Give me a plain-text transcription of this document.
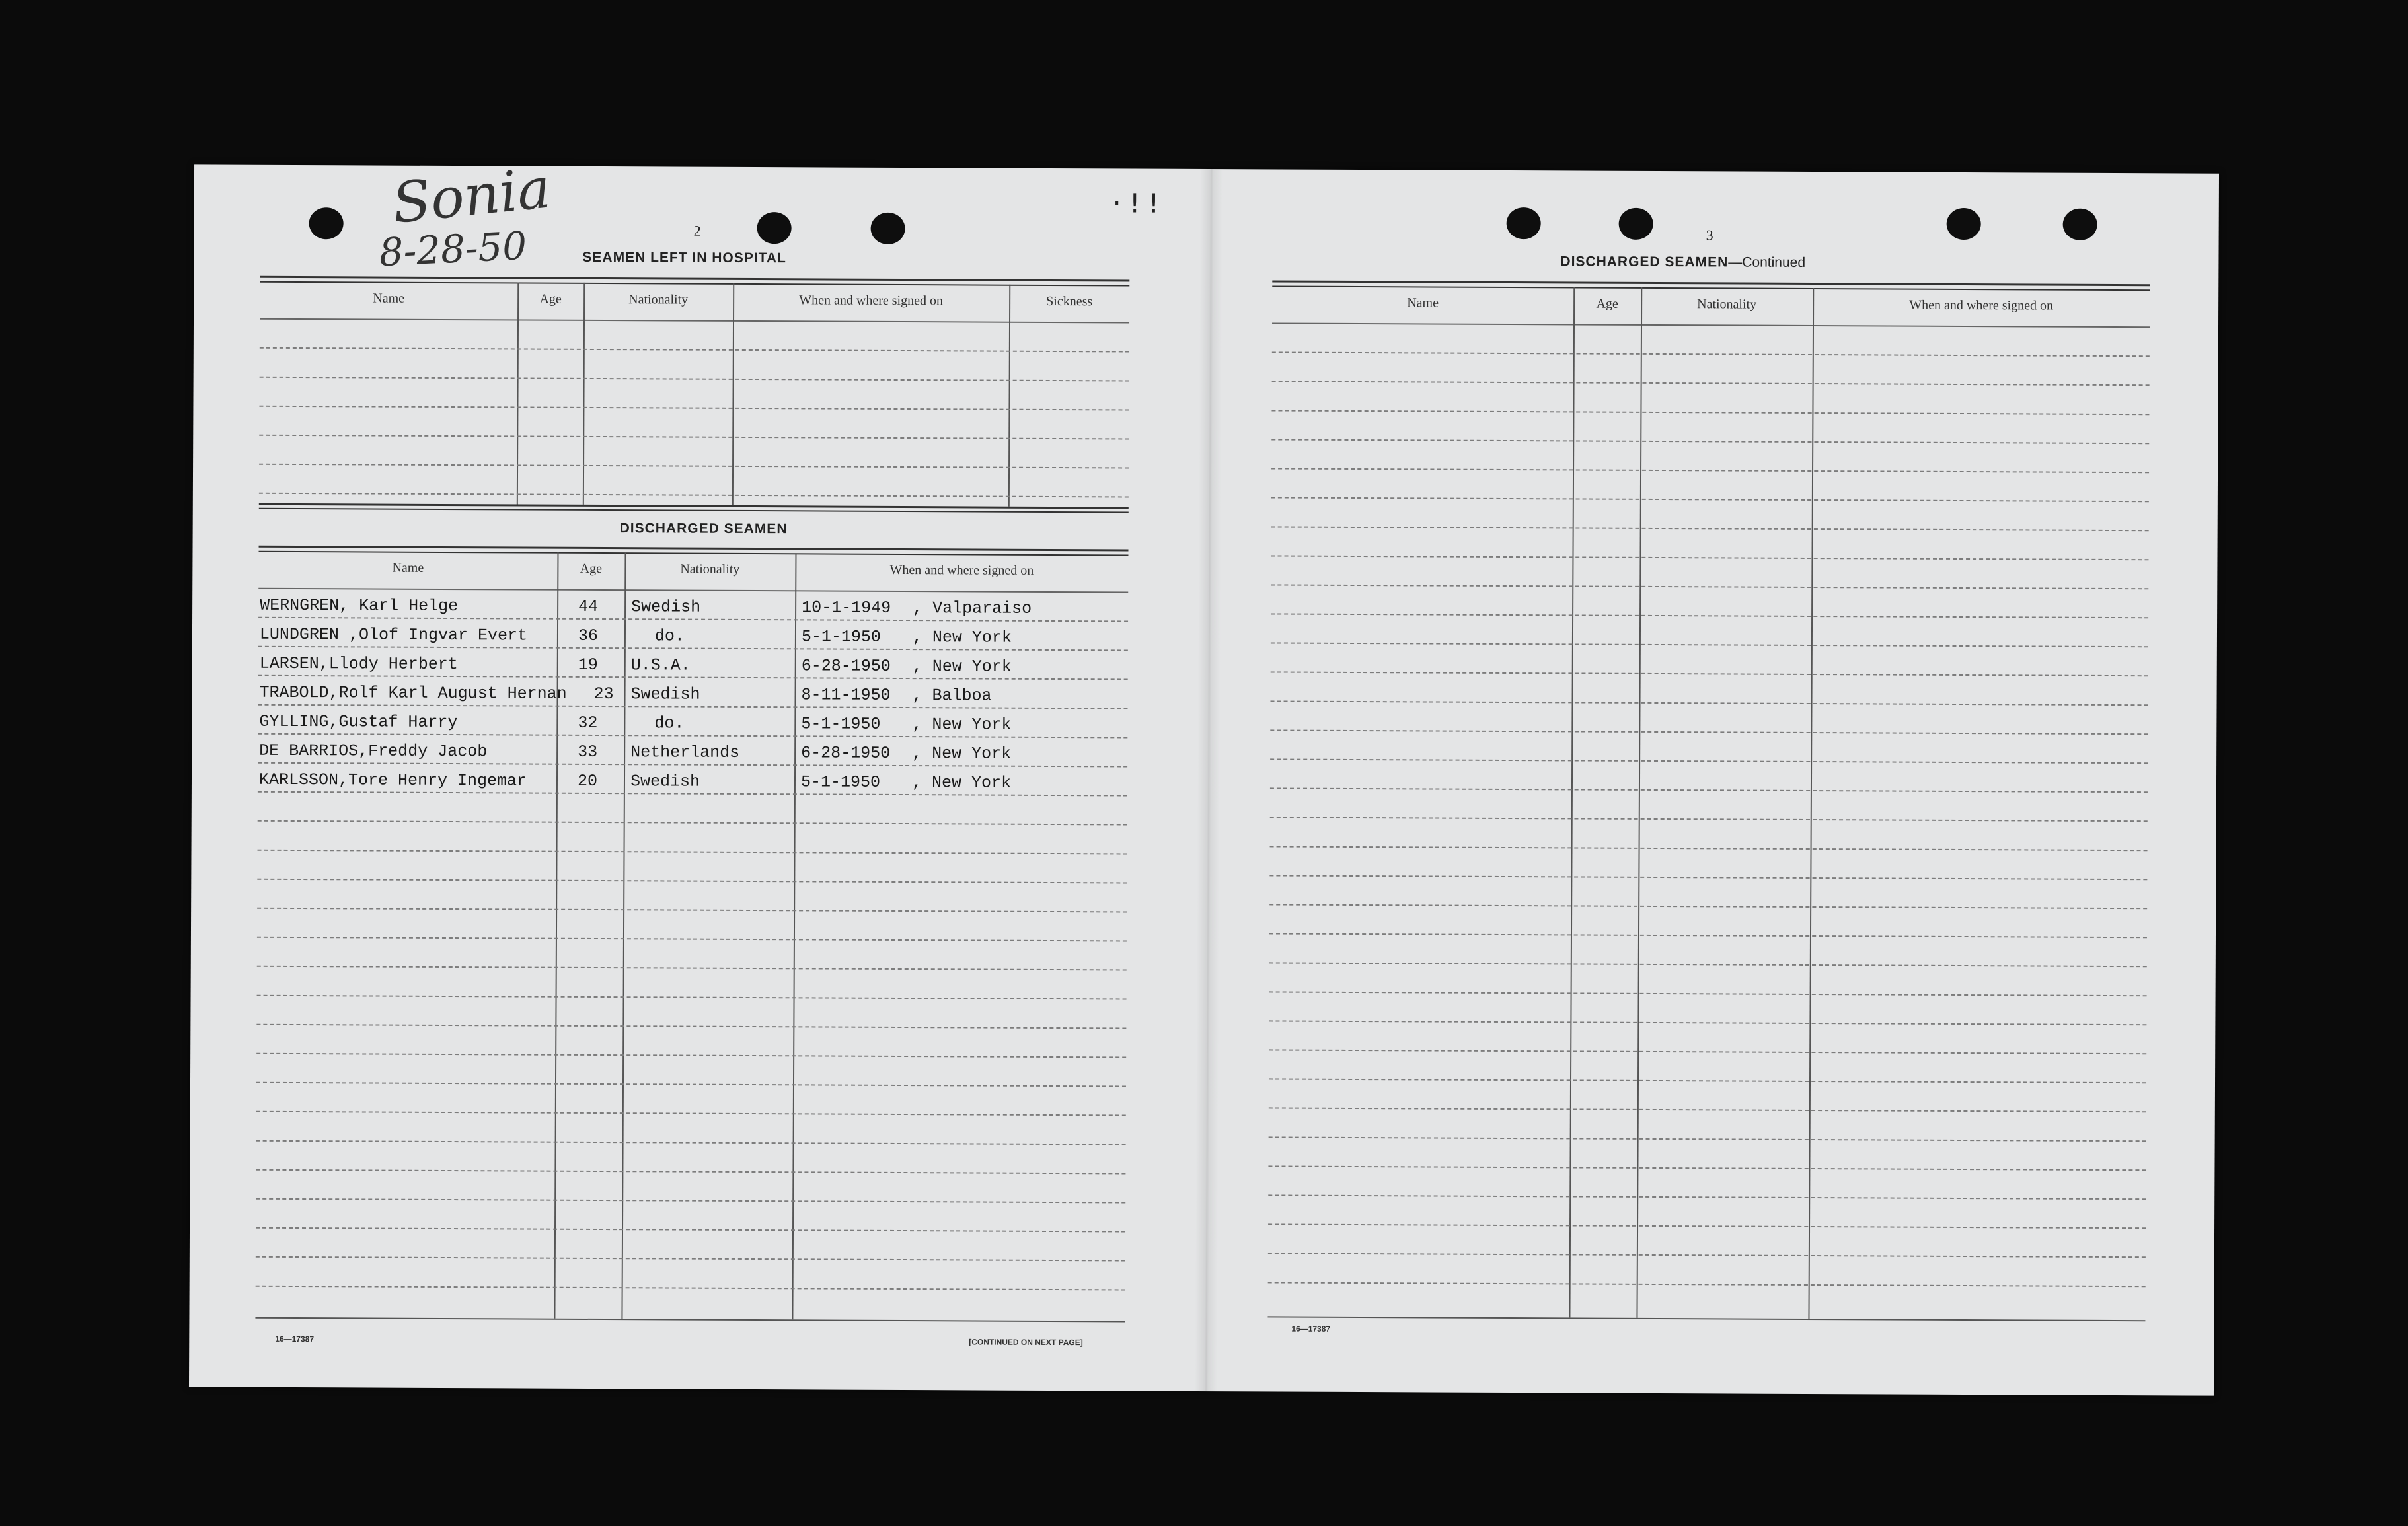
Sonia
8-28-50
· ! !
2
SEAMEN LEFT IN HOSPITAL
Name	Age	Nationality	When and where signed on	Sickness
DISCHARGED SEAMEN
Name	Age	Nationality	When and where signed on
WERNGREN, Karl Helge	44 Swedish	10-1-1949 , Valparaiso
LUNDGREN ,Olof Ingvar Evert	36	do.	5-1-1950 , New York
LARSEN,Llody Herbert	19 U.S.A.	6-28-1950 , New York
TRABOLD,Rolf Karl August Hernan 23 Swedish	8-11-1950 , Balboa
GYLLING,Gustaf Harry	32	do.	5-1-1950 , New York
DE BARRIOS,Freddy Jacob	33 Netherlands	6-28-1950 , New York
KARLSSON,Tore Henry Ingemar	20 Swedish	5-1-1950 , New York
16—17387	[CONTINUED ON NEXT PAGE]
3
DISCHARGED SEAMEN—Continued
Name	Age	Nationality	When and where signed on
16—17387
